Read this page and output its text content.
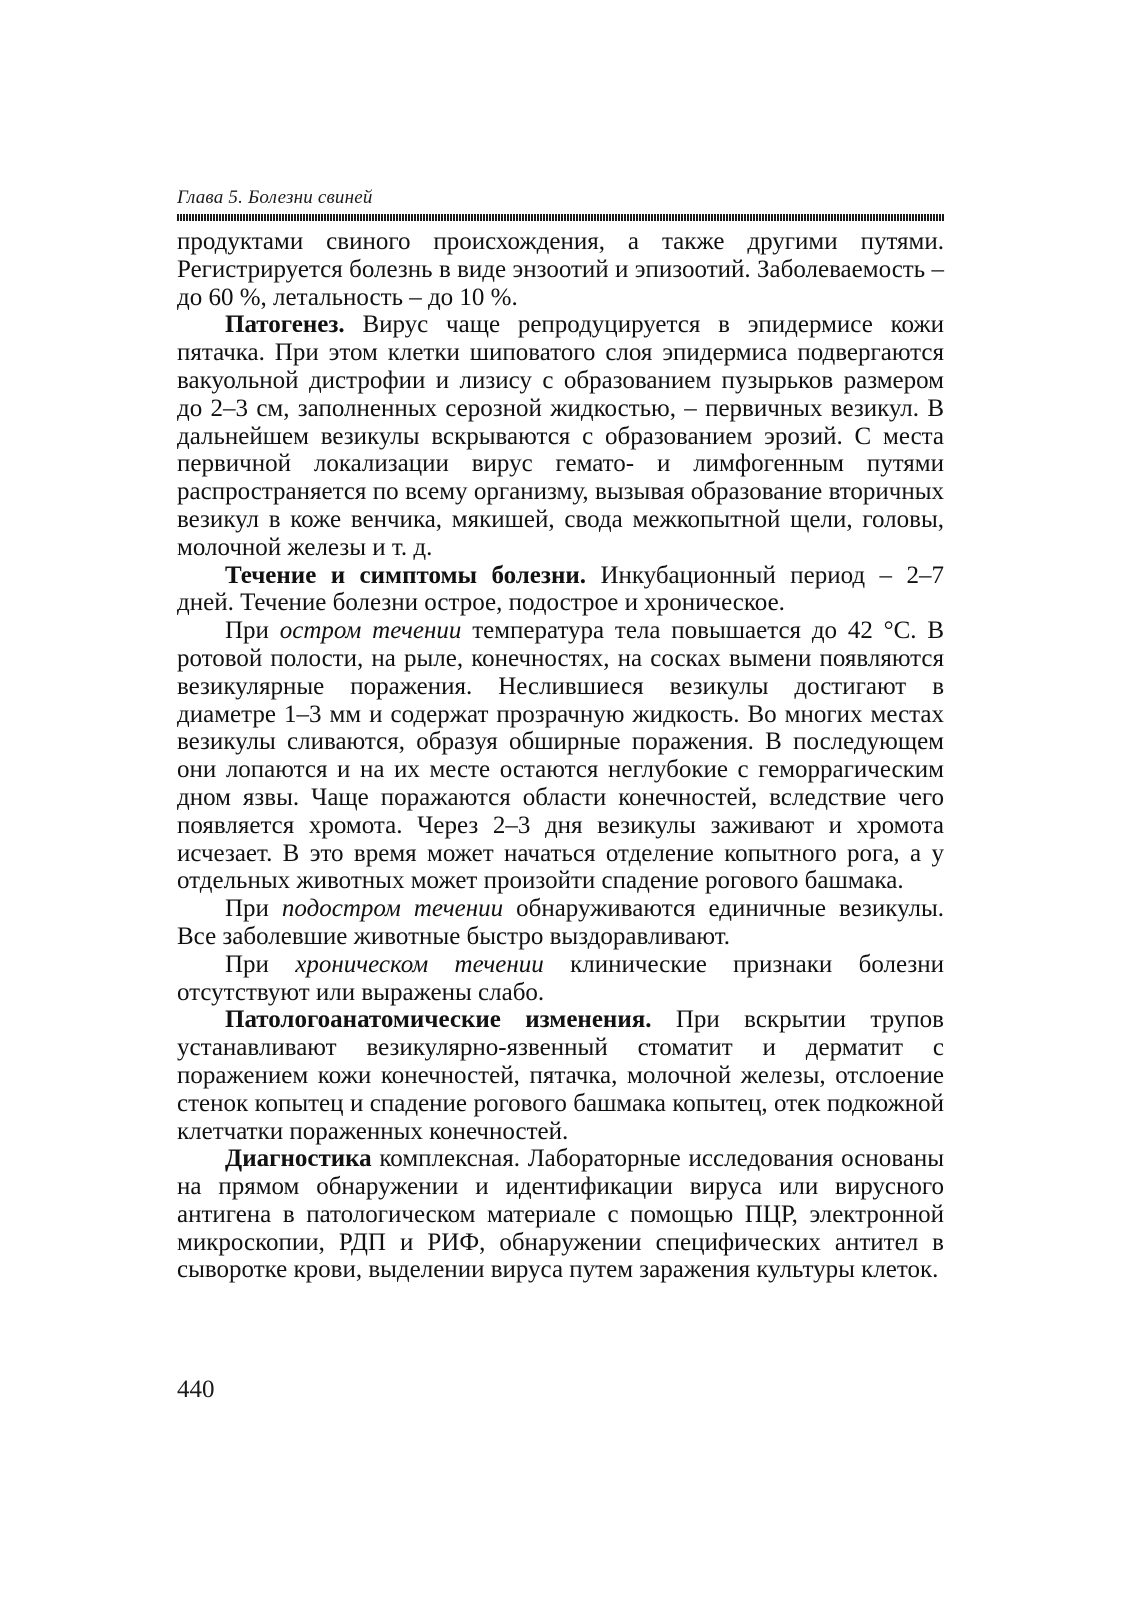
Глава 5. Болезни свиней

продуктами свиного происхождения, а также другими путями. Регистрируется болезнь в виде энзоотий и эпизоотий. Заболеваемость – до 60 %, летальность – до 10 %.

Патогенез. Вирус чаще репродуцируется в эпидермисе кожи пятачка. При этом клетки шиповатого слоя эпидермиса подвергаются вакуольной дистрофии и лизису с образованием пузырьков размером до 2–3 см, заполненных серозной жидкостью, – первичных везикул. В дальнейшем везикулы вскрываются с образованием эрозий. С места первичной локализации вирус гемато- и лимфогенным путями распространяется по всему организму, вызывая образование вторичных везикул в коже венчика, мякишей, свода межкопытной щели, головы, молочной железы и т. д.

Течение и симптомы болезни. Инкубационный период – 2–7 дней. Течение болезни острое, подострое и хроническое.

При остром течении температура тела повышается до 42 °С. В ротовой полости, на рыле, конечностях, на сосках вымени появляются везикулярные поражения. Неслившиеся везикулы достигают в диаметре 1–3 мм и содержат прозрачную жидкость. Во многих местах везикулы сливаются, образуя обширные поражения. В последующем они лопаются и на их месте остаются неглубокие с геморрагическим дном язвы. Чаще поражаются области конечностей, вследствие чего появляется хромота. Через 2–3 дня везикулы заживают и хромота исчезает. В это время может начаться отделение копытного рога, а у отдельных животных может произойти спадение рогового башмака.

При подостром течении обнаруживаются единичные везикулы. Все заболевшие животные быстро выздоравливают.

При хроническом течении клинические признаки болезни отсутствуют или выражены слабо.

Патологоанатомические изменения. При вскрытии трупов устанавливают везикулярно-язвенный стоматит и дерматит с поражением кожи конечностей, пятачка, молочной железы, отслоение стенок копытец и спадение рогового башмака копытец, отек подкожной клетчатки пораженных конечностей.

Диагностика комплексная. Лабораторные исследования основаны на прямом обнаружении и идентификации вируса или вирусного антигена в патологическом материале с помощью ПЦР, электронной микроскопии, РДП и РИФ, обнаружении специфических антител в сыворотке крови, выделении вируса путем заражения культуры клеток.

440
